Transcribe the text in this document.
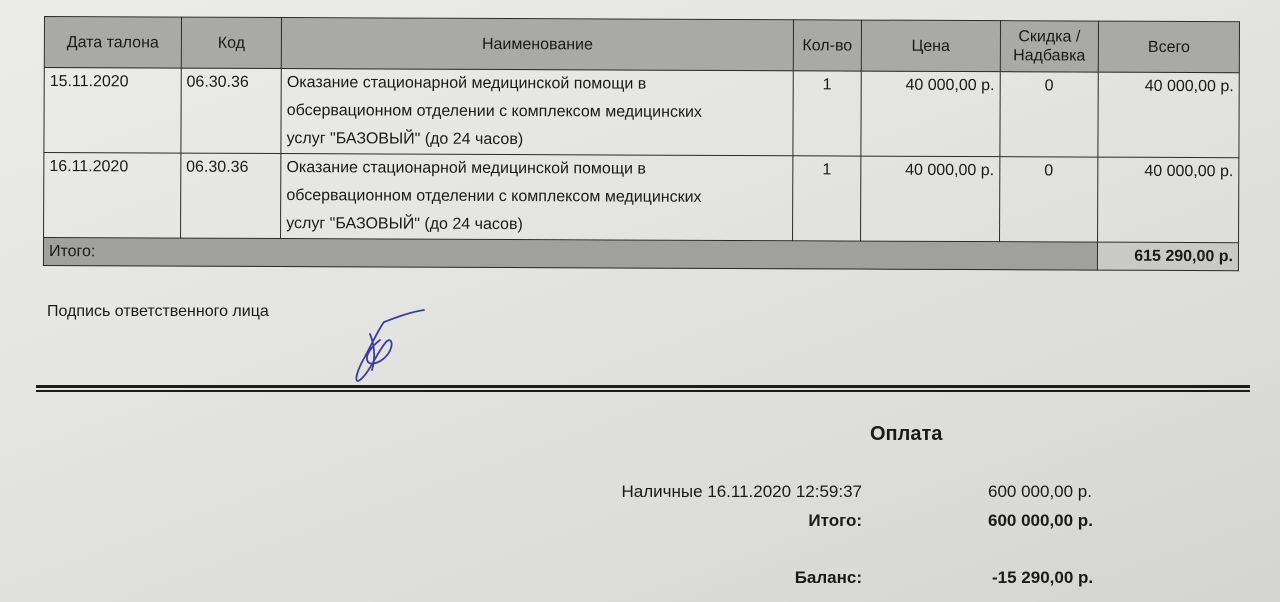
Дата талона	Код	Наименование	Кол-во	Цена	Скидка /
Надбавка	Всего
15.11.2020	06.30.36	Оказание стационарной медицинской помощи в
обсервационном отделении с комплексом медицинских
услуг "БАЗОВЫЙ" (до 24 часов)	1	40 000,00 р.	0	40 000,00 р.
16.11.2020	06.30.36	Оказание стационарной медицинской помощи в
обсервационном отделении с комплексом медицинских
услуг "БАЗОВЫЙ" (до 24 часов)	1	40 000,00 р.	0	40 000,00 р.
Итого:						615 290,00 р.
Подпись ответственного лица
Оплата
Наличные 16.11.2020 12:59:37	600 000,00 р.
Итого:	600 000,00 р.
Баланс:	-15 290,00 р.
